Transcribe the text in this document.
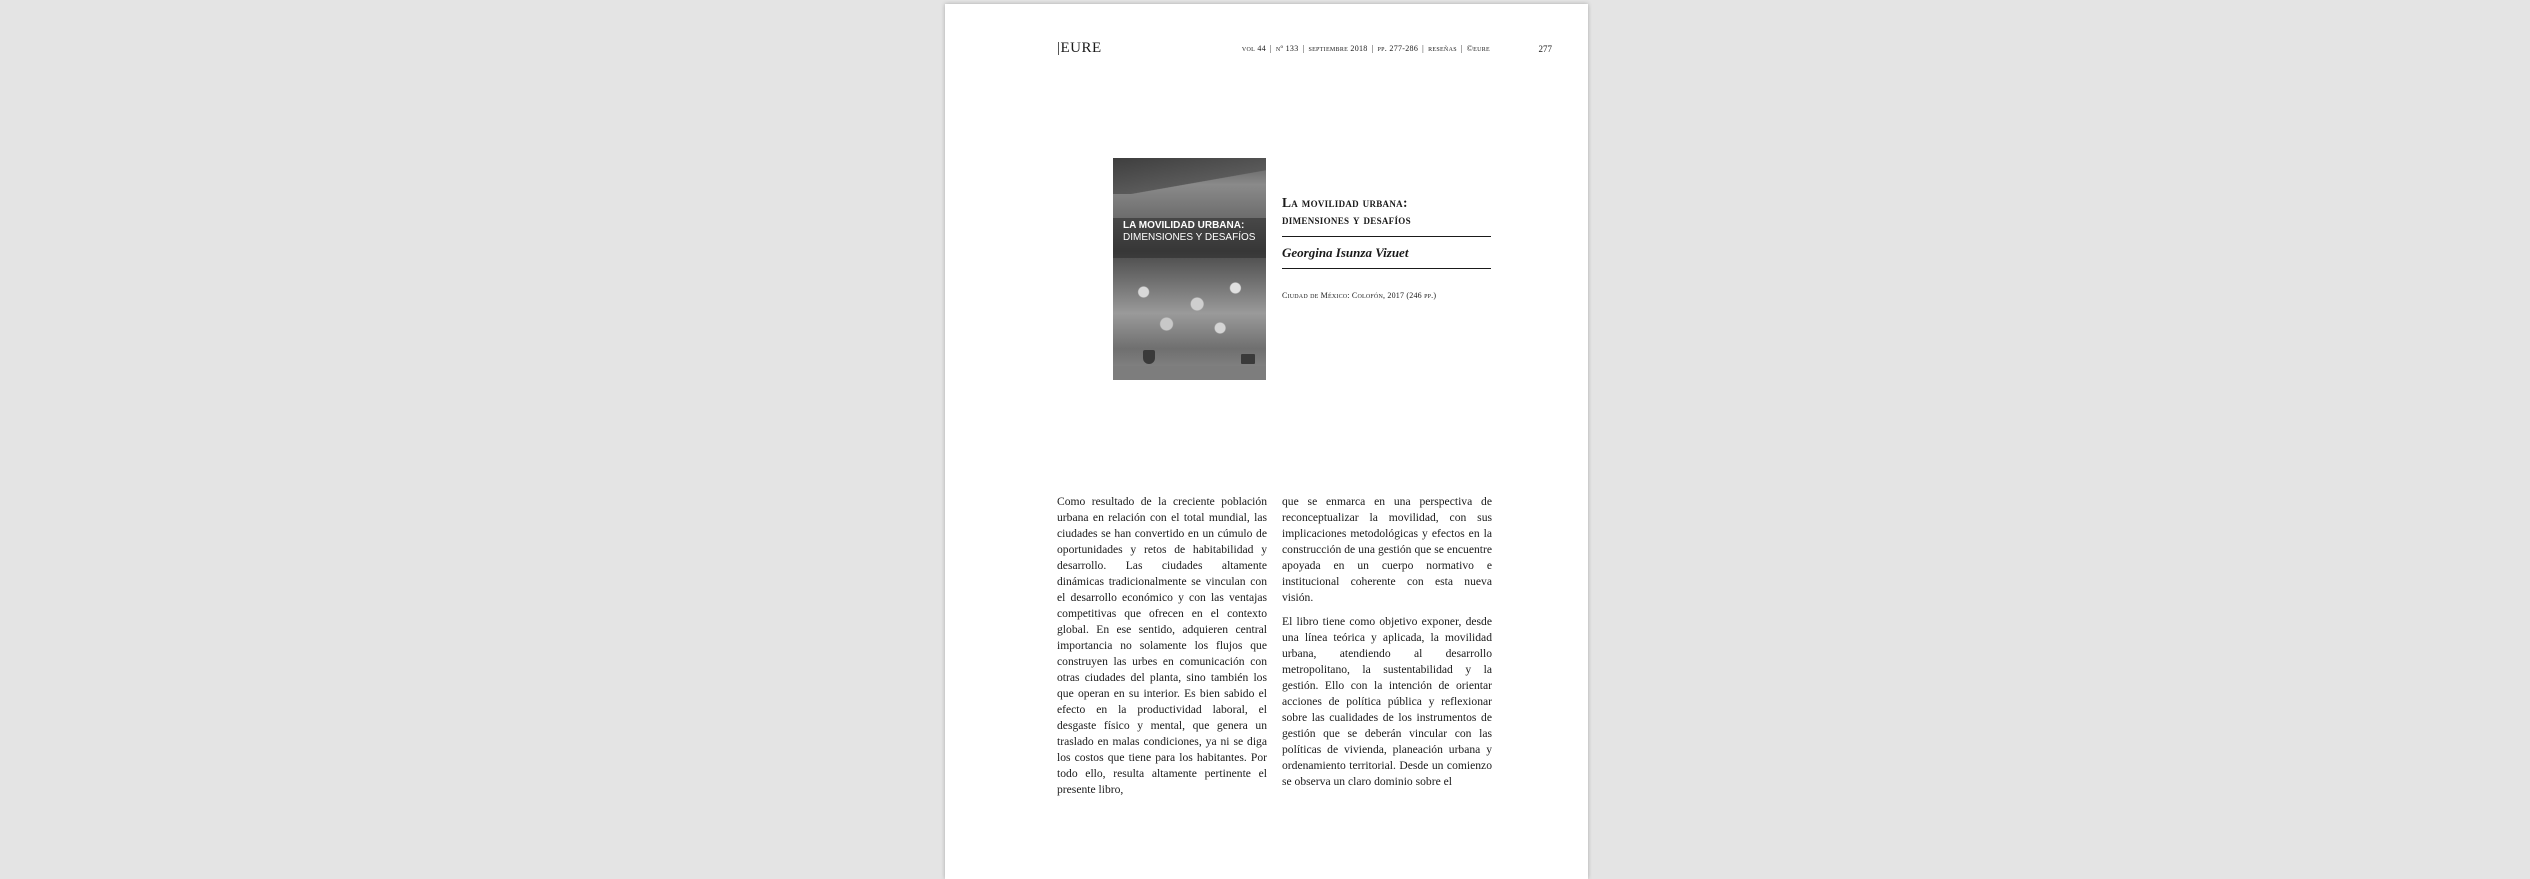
|EURE	vol 44 | nº 133 | septiembre 2018 | pp. 277-286 | reseñas | ©eure	277
LA MOVILIDAD URBANA:
DIMENSIONES Y DESAFÍOS

La movilidad urbana:
dimensiones y desafíos

Georgina Isunza Vizuet
Ciudad de México: Colofón, 2017 (246 pp.)

Como resultado de la creciente población urbana en relación con el total mundial, las ciudades se han convertido en un cúmulo de oportunidades y retos de habitabilidad y desarrollo. Las ciudades altamente dinámicas tradicionalmente se vinculan con el desarrollo económico y con las ventajas competitivas que ofrecen en el contexto global. En ese sentido, adquieren central importancia no solamente los flujos que construyen las urbes en comunicación con otras ciudades del planta, sino también los que operan en su interior. Es bien sabido el efecto en la productividad laboral, el desgaste físico y mental, que genera un traslado en malas condiciones, ya ni se diga los costos que tiene para los habitantes. Por todo ello, resulta altamente pertinente el presente libro,

que se enmarca en una perspectiva de reconceptualizar la movilidad, con sus implicaciones metodológicas y efectos en la construcción de una gestión que se encuentre apoyada en un cuerpo normativo e institucional coherente con esta nueva visión.

El libro tiene como objetivo exponer, desde una línea teórica y aplicada, la movilidad urbana, atendiendo al desarrollo metropolitano, la sustentabilidad y la gestión. Ello con la intención de orientar acciones de política pública y reflexionar sobre las cualidades de los instrumentos de gestión que se deberán vincular con las políticas de vivienda, planeación urbana y ordenamiento territorial. Desde un comienzo se observa un claro dominio sobre el
